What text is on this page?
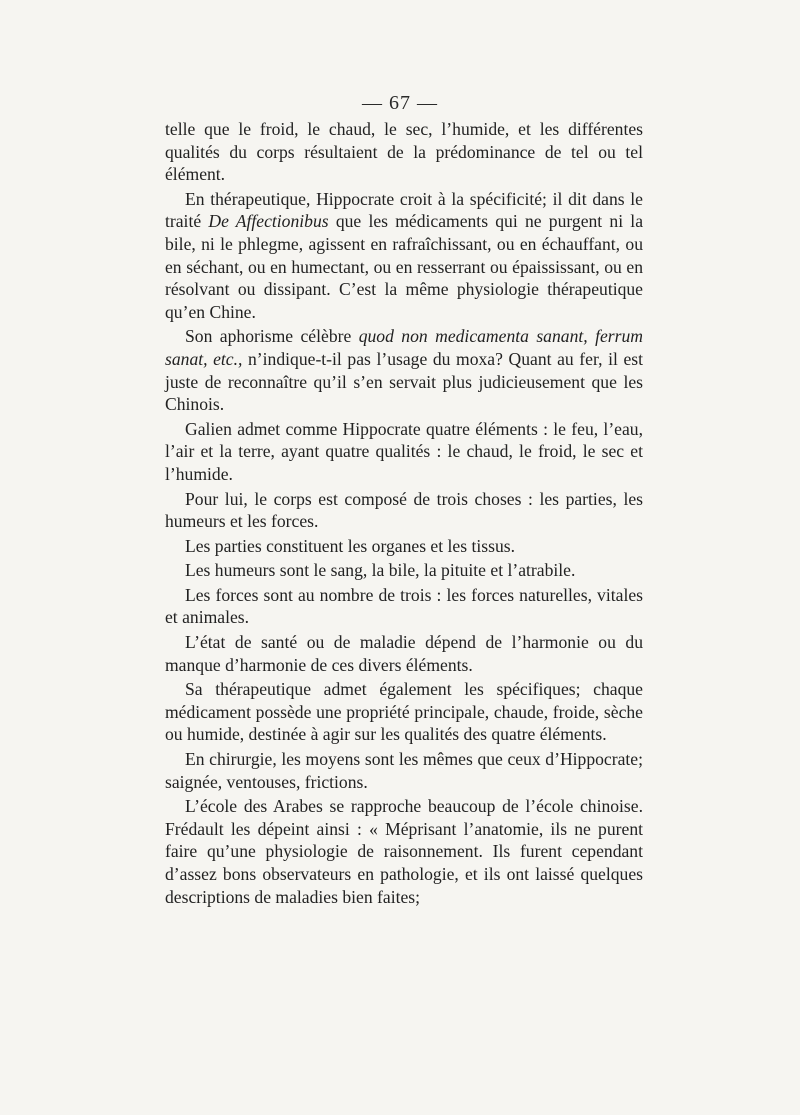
— 67 —

telle que le froid, le chaud, le sec, l’humide, et les différentes qualités du corps résultaient de la prédominance de tel ou tel élément.

En thérapeutique, Hippocrate croit à la spécificité; il dit dans le traité De Affectionibus que les médicaments qui ne purgent ni la bile, ni le phlegme, agissent en rafraîchissant, ou en échauffant, ou en séchant, ou en humectant, ou en resserrant ou épaississant, ou en résolvant ou dissipant. C’est la même physiologie thérapeutique qu’en Chine.

Son aphorisme célèbre quod non medicamenta sanant, ferrum sanat, etc., n’indique-t-il pas l’usage du moxa? Quant au fer, il est juste de reconnaître qu’il s’en servait plus judicieusement que les Chinois.

Galien admet comme Hippocrate quatre éléments : le feu, l’eau, l’air et la terre, ayant quatre qualités : le chaud, le froid, le sec et l’humide.

Pour lui, le corps est composé de trois choses : les parties, les humeurs et les forces.

Les parties constituent les organes et les tissus.

Les humeurs sont le sang, la bile, la pituite et l’atrabile.

Les forces sont au nombre de trois : les forces naturelles, vitales et animales.

L’état de santé ou de maladie dépend de l’harmonie ou du manque d’harmonie de ces divers éléments.

Sa thérapeutique admet également les spécifiques; chaque médicament possède une propriété principale, chaude, froide, sèche ou humide, destinée à agir sur les qualités des quatre éléments.

En chirurgie, les moyens sont les mêmes que ceux d’Hippocrate; saignée, ventouses, frictions.

L’école des Arabes se rapproche beaucoup de l’école chinoise. Frédault les dépeint ainsi : « Méprisant l’anatomie, ils ne purent faire qu’une physiologie de raisonnement. Ils furent cependant d’assez bons observateurs en pathologie, et ils ont laissé quelques descriptions de maladies bien faites;
